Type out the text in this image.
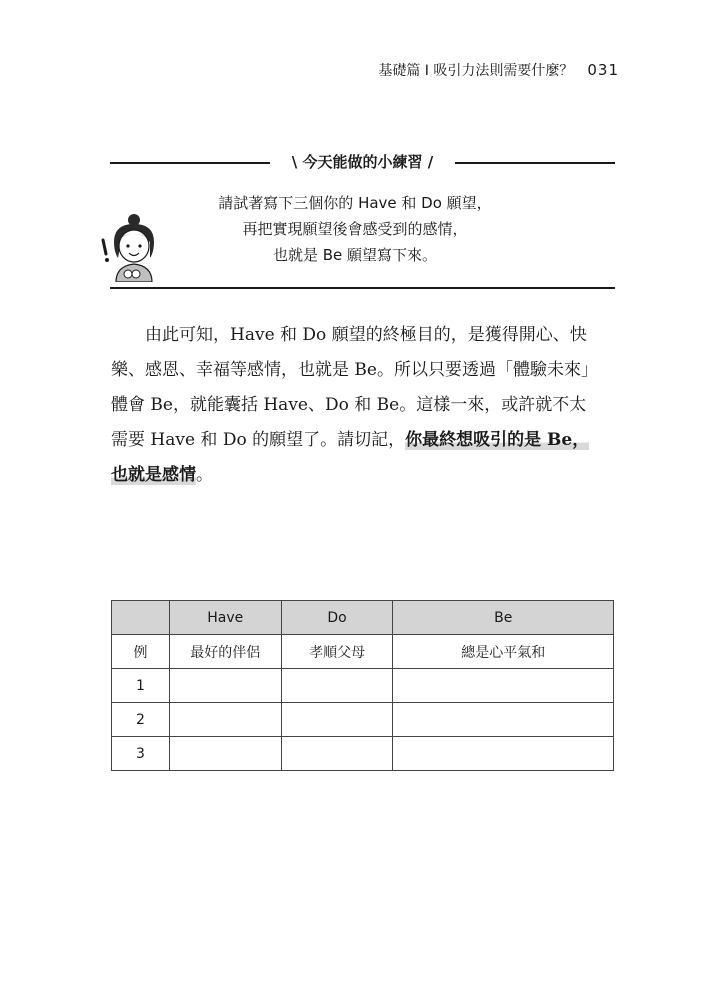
基礎篇 I 吸引力法則需要什麼？ 031
\ 今天能做的小練習 /
請試著寫下三個你的 Have 和 Do 願望，
再把實現願望後會感受到的感情，
也就是 Be 願望寫下來。
　　由此可知，Have 和 Do 願望的終極目的，是獲得開心、快
樂、感恩、幸福等感情，也就是 Be。所以只要透過「體驗未來」
體會 Be，就能囊括 Have、Do 和 Be。這樣一來，或許就不太
需要 Have 和 Do 的願望了。請切記，你最終想吸引的是 Be，
也就是感情。
	Have	Do	Be
例	最好的伴侶	孝順父母	總是心平氣和
1			
2			
3			
